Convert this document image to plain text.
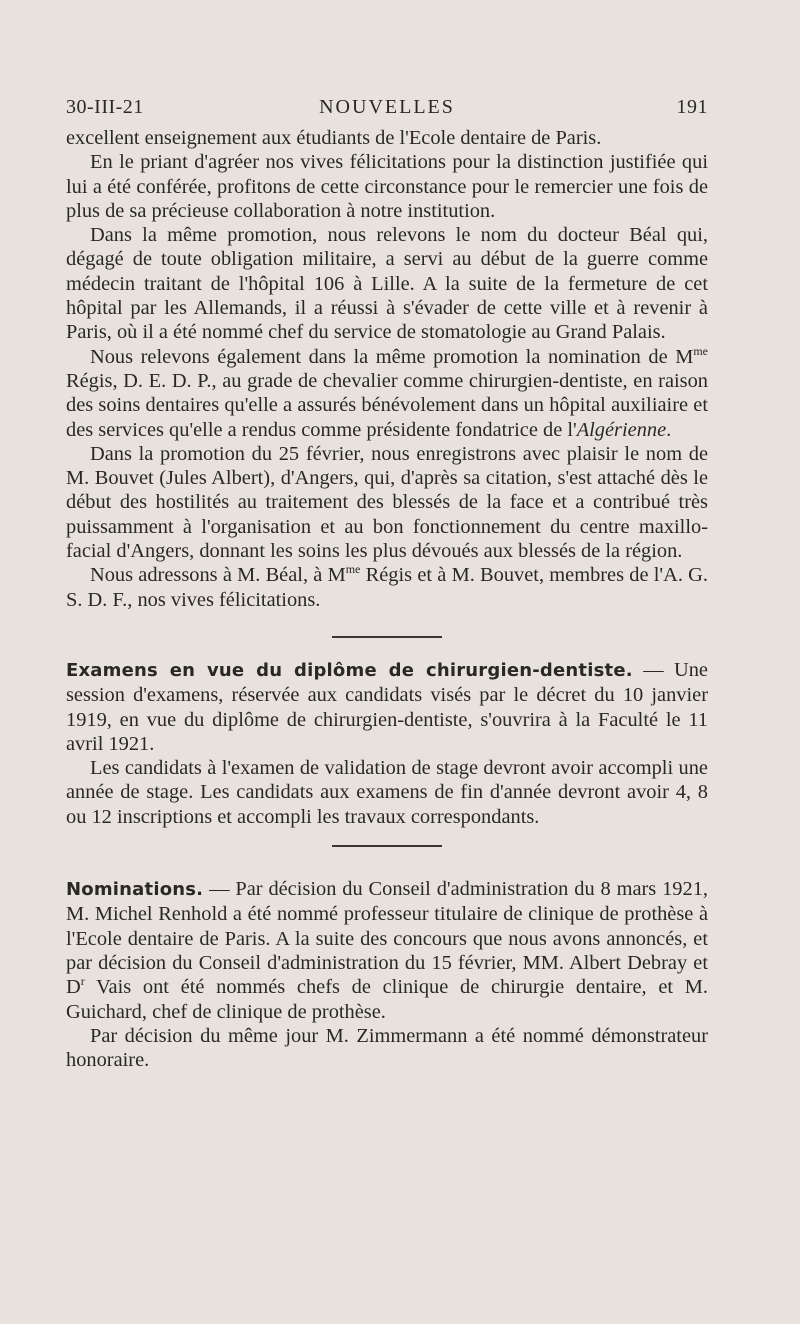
30-III-21	NOUVELLES	191

excellent enseignement aux étudiants de l'Ecole dentaire de Paris.

En le priant d'agréer nos vives félicitations pour la distinction justifiée qui lui a été conférée, profitons de cette circonstance pour le remercier une fois de plus de sa précieuse collaboration à notre institution.

Dans la même promotion, nous relevons le nom du docteur Béal qui, dégagé de toute obligation militaire, a servi au début de la guerre comme médecin traitant de l'hôpital 106 à Lille. A la suite de la fermeture de cet hôpital par les Allemands, il a réussi à s'évader de cette ville et à revenir à Paris, où il a été nommé chef du service de stomatologie au Grand Palais.

Nous relevons également dans la même promotion la nomination de $M^{me}$ Régis, D. E. D. P., au grade de chevalier comme chirurgien-dentiste, en raison des soins dentaires qu'elle a assurés bénévolement dans un hôpital auxiliaire et des services qu'elle a rendus comme présidente fondatrice de l'Algérienne.

Dans la promotion du 25 février, nous enregistrons avec plaisir le nom de M. Bouvet (Jules Albert), d'Angers, qui, d'après sa citation, s'est attaché dès le début des hostilités au traitement des blessés de la face et a contribué très puissamment à l'organisation et au bon fonctionnement du centre maxillo-facial d'Angers, donnant les soins les plus dévoués aux blessés de la région.

Nous adressons à M. Béal, à $M^{me}$ Régis et à M. Bouvet, membres de l'A. G. S. D. F., nos vives félicitations.

Examens en vue du diplôme de chirurgien-dentiste. — Une session d'examens, réservée aux candidats visés par le décret du 10 janvier 1919, en vue du diplôme de chirurgien-dentiste, s'ouvrira à la Faculté le 11 avril 1921.

Les candidats à l'examen de validation de stage devront avoir accompli une année de stage. Les candidats aux examens de fin d'année devront avoir 4, 8 ou 12 inscriptions et accompli les travaux correspondants.

Nominations. — Par décision du Conseil d'administration du 8 mars 1921, M. Michel Renhold a été nommé professeur titulaire de clinique de prothèse à l'Ecole dentaire de Paris. A la suite des concours que nous avons annoncés, et par décision du Conseil d'administration du 15 février, MM. Albert Debray et $D^r$ Vais ont été nommés chefs de clinique de chirurgie dentaire, et M. Guichard, chef de clinique de prothèse.

Par décision du même jour M. Zimmermann a été nommé démonstrateur honoraire.
